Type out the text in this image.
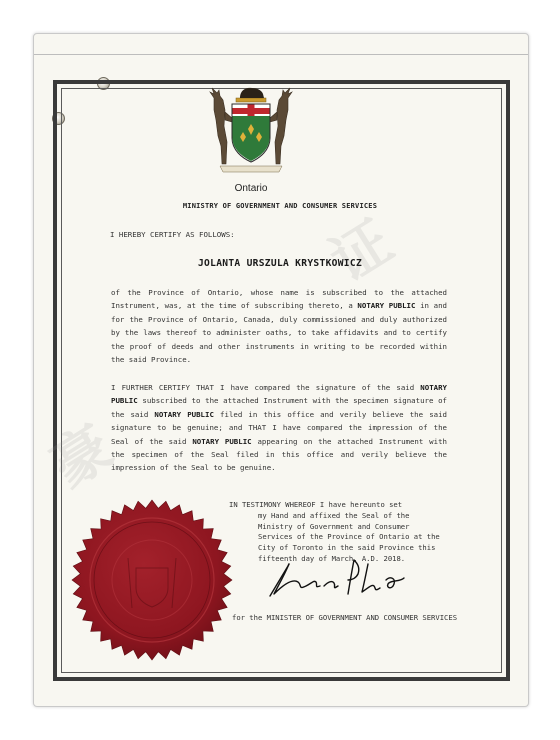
Ontario
MINISTRY OF GOVERNMENT AND CONSUMER SERVICES
I HEREBY CERTIFY AS FOLLOWS:
JOLANTA URSZULA KRYSTKOWICZ
of the Province of Ontario, whose name is subscribed to the attached Instrument, was, at the time of subscribing thereto, a NOTARY PUBLIC in and for the Province of Ontario, Canada, duly commissioned and duly authorized by the laws thereof to administer oaths, to take affidavits and to certify the proof of deeds and other instruments in writing to be recorded within the said Province.
I FURTHER CERTIFY THAT I have compared the signature of the said NOTARY PUBLIC subscribed to the attached Instrument with the specimen signature of the said NOTARY PUBLIC filed in this office and verily believe the said signature to be genuine; and THAT I have compared the impression of the Seal of the said NOTARY PUBLIC appearing on the attached Instrument with the specimen of the Seal filed in this office and verily believe the impression of the Seal to be genuine.
IN TESTIMONY WHEREOF I have hereunto set
my Hand and affixed the Seal of the
Ministry of Government and Consumer
Services of the Province of Ontario at the
City of Toronto in the said Province this
fifteenth day of March, A.D. 2018.
for the MINISTER OF GOVERNMENT AND CONSUMER SERVICES
